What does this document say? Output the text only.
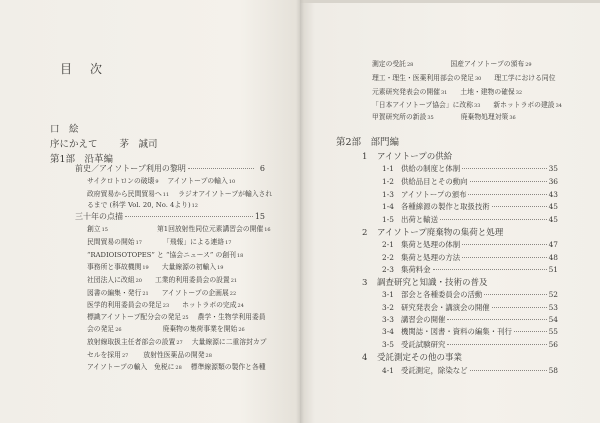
目　次
口　絵
序にかえて 茅　誠司
第1部　沿革編
前史／アイソトープ利用の黎明	6
サイクロトロンの破壊 9 アイソトープの輸入 10
政府貿易から民間貿易へ 11 ラジオアイソトープが輸入され
るまで (科学 Vol. 20, No. 4より) 12
三十年の点描	15
創立 15	第1回放射性同位元素講習会の開催 16
民間貿易の開始 17	「飛報」による連絡 17
“RADIOISOTOPES” と “協会ニュース” の創刊 18
事務所と事故機関 19 大量線源の初輸入 19
社団法人に改組 20 工業的利用委員会の設置 21
図書の編集・発行 21 アイソトープの企画展 22
医学的利用委員会の発足 23 ホットラボの完成 24
標識アイソトープ配分会の発足 25 農学・生物学利用委員
会の発足 26	廃棄物の集荷事業を開始 26
放射線取扱主任者部会の設置 27 大量線源に二重溶封カプ
セルを採用 27 放射性医薬品の開発 28
アイソトープの輸入　免税に 28 標準線源類の製作と各種
測定の受託 28	国産アイソトープの頒布 29
理工・理生・医薬利用部会の発足 30 理工学における同位
元素研究発表会の開催 31 土地・建物の確保 32
「日本アイソトープ協会」に改称 33 新ホットラボの建設 34
甲賀研究所の新設 35	廃棄物処理対策 36
第2部　部門編
1 アイソトープの供給
1-1 供給の制度と体制	35
1-2 供給品目とその動向	36
1-3 アイソトープの頒布	43
1-4 各種線源の製作と取扱技術	45
1-5 出荷と輸送	45
2 アイソトープ廃棄物の集荷と処理
2-1 集荷と処理の体制	47
2-2 集荷と処理の方法	48
2-3 集荷料金	51
3 調査研究と知識・技術の普及
3-1 部会と各種委員会の活動	52
3-2 研究発表会・講演会の開催	53
3-3 講習会の開催	54
3-4 機関誌・図書・資料の編集・刊行	55
3-5 受託試験研究	56
4 受託測定その他の事業
4-1 受託測定，除染など	58
